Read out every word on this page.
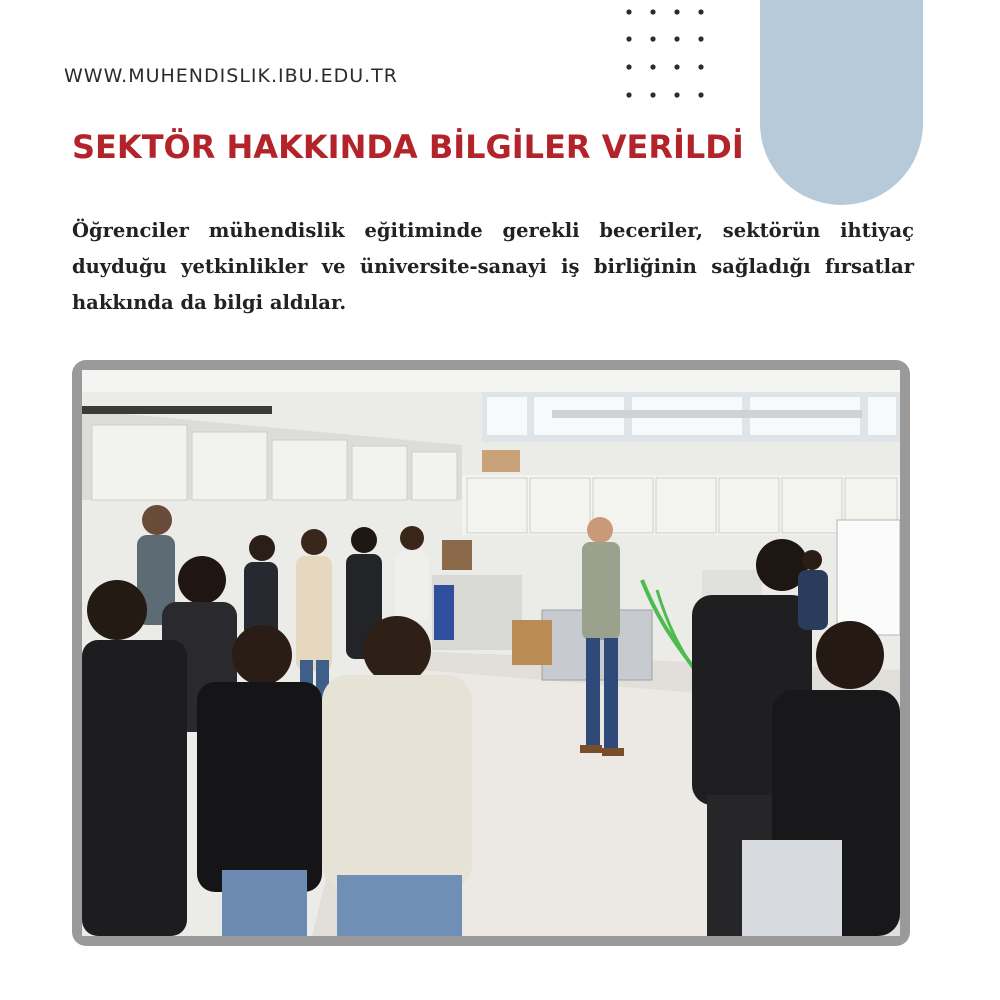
WWW.MUHENDISLIK.IBU.EDU.TR
SEKTÖR HAKKINDA BİLGİLER VERİLDİ

Öğrenciler mühendislik eğitiminde gerekli beceriler, sektörün ihtiyaç duyduğu yetkinlikler ve üniversite-sanayi iş birliğinin sağladığı fırsatlar hakkında da bilgi aldılar.
